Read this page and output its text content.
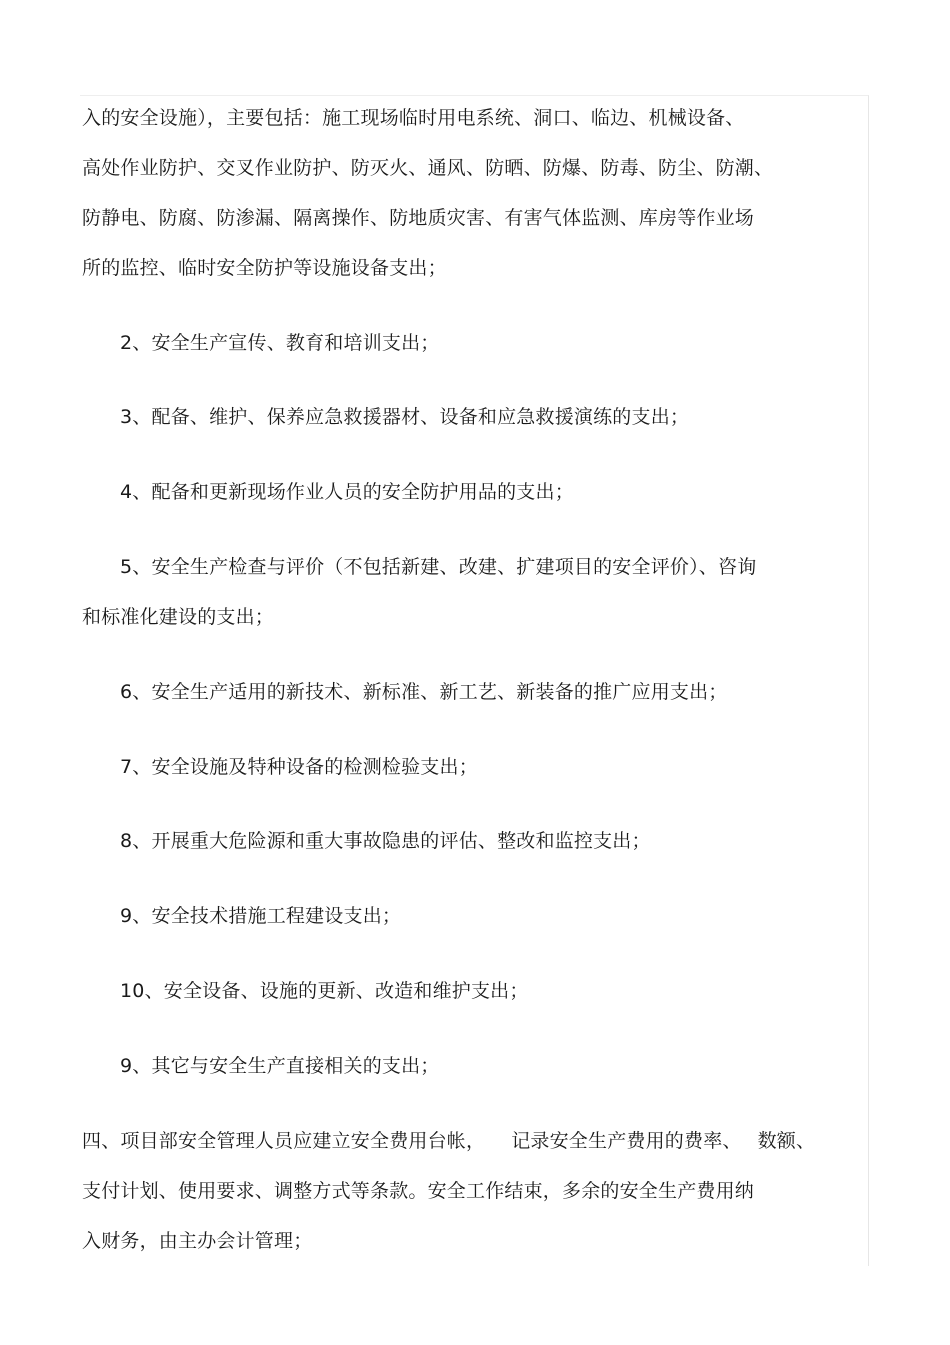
入的安全设施），主要包括：施工现场临时用电系统、洞口、临边、机械设备、
高处作业防护、交叉作业防护、防灭火、通风、防晒、防爆、防毒、防尘、防潮、
防静电、防腐、防渗漏、隔离操作、防地质灾害、有害气体监测、库房等作业场
所的监控、临时安全防护等设施设备支出；
2、安全生产宣传、教育和培训支出；
3、配备、维护、保养应急救援器材、设备和应急救援演练的支出；
4、配备和更新现场作业人员的安全防护用品的支出；
5、安全生产检查与评价（不包括新建、改建、扩建项目的安全评价）、咨询
和标准化建设的支出；
6、安全生产适用的新技术、新标准、新工艺、新装备的推广应用支出；
7、安全设施及特种设备的检测检验支出；
8、开展重大危险源和重大事故隐患的评估、整改和监控支出；
9、安全技术措施工程建设支出；
10、安全设备、设施的更新、改造和维护支出；
9、其它与安全生产直接相关的支出；
四、项目部安全管理人员应建立安全费用台帐， 记录安全生产费用的费率、 数额、
支付计划、使用要求、调整方式等条款。安全工作结束，多余的安全生产费用纳
入财务，由主办会计管理；
